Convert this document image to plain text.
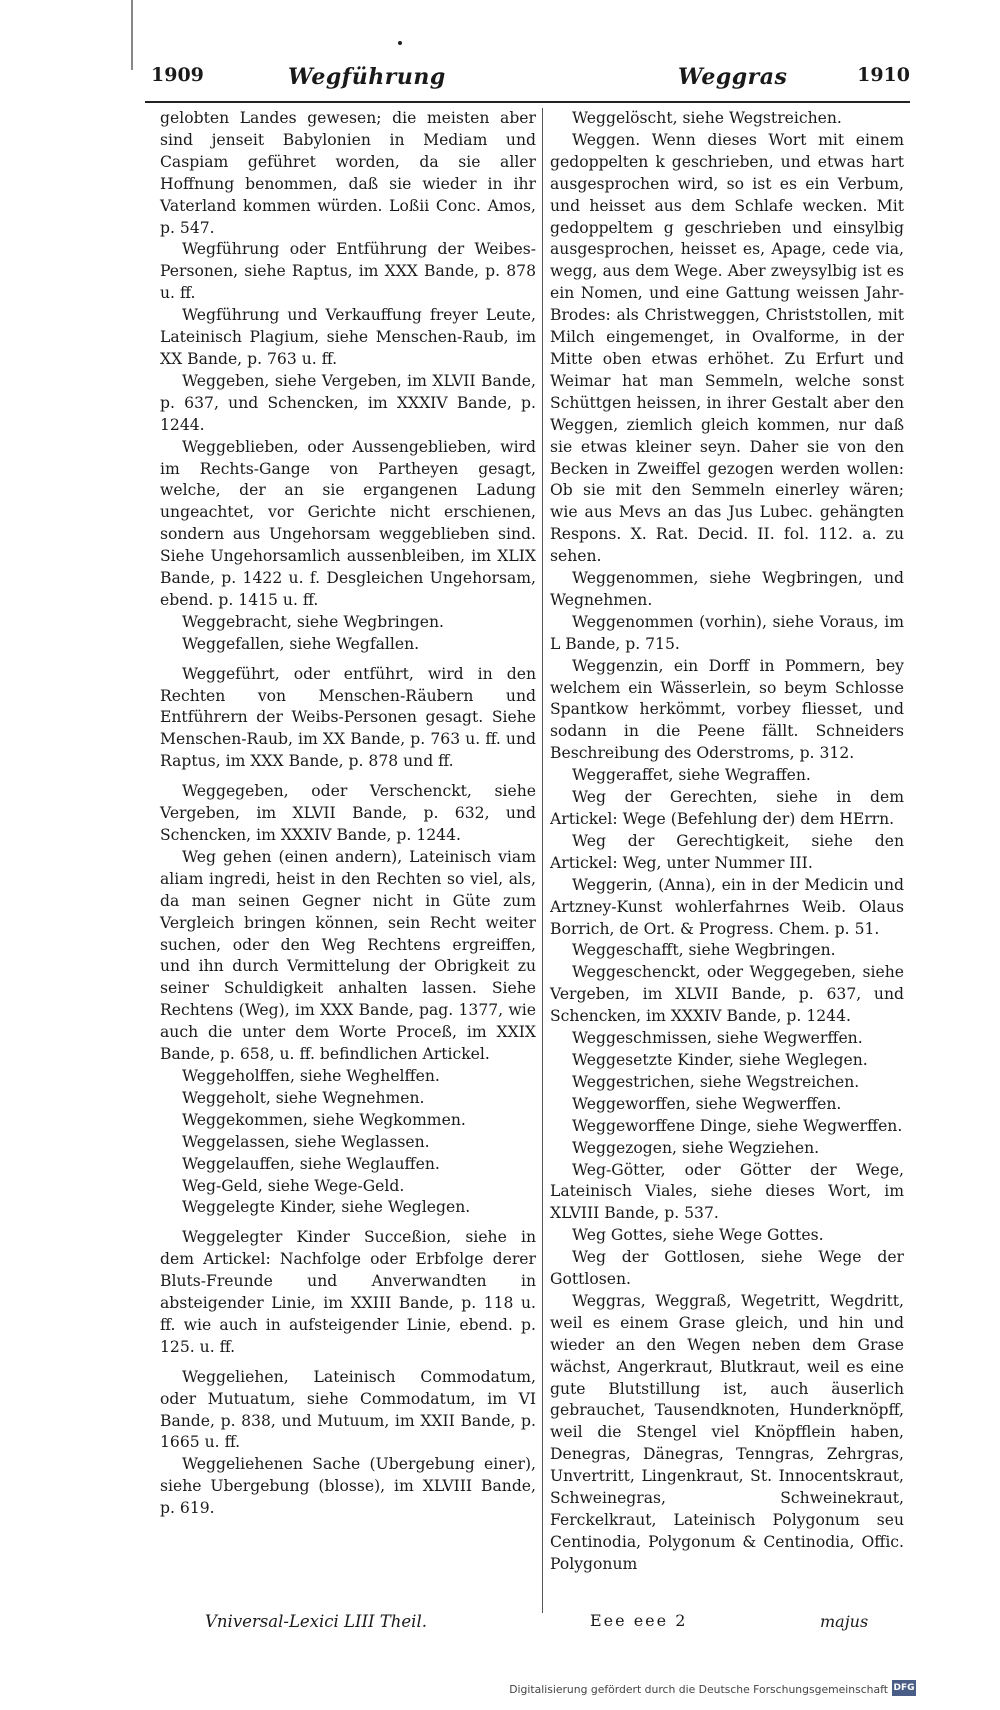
1909	Wegführung	Weggras	1910

gelobten Landes gewesen; die meisten aber sind jenseit Babylonien in Mediam und Caspiam geführet worden, da sie aller Hoffnung benommen, daß sie wieder in ihr Vaterland kommen würden. Loßii Conc. Amos, p. 547.

Wegführung oder Entführung der Weibes-Personen, siehe Raptus, im XXX Bande, p. 878 u. ff.

Wegführung und Verkauffung freyer Leute, Lateinisch Plagium, siehe Menschen-Raub, im XX Bande, p. 763 u. ff.

Weggeben, siehe Vergeben, im XLVII Bande, p. 637, und Schencken, im XXXIV Bande, p. 1244.

Weggeblieben, oder Aussengeblieben, wird im Rechts-Gange von Partheyen gesagt, welche, der an sie ergangenen Ladung ungeachtet, vor Gerichte nicht erschienen, sondern aus Ungehorsam weggeblieben sind. Siehe Ungehorsamlich aussenbleiben, im XLIX Bande, p. 1422 u. f. Desgleichen Ungehorsam, ebend. p. 1415 u. ff.

Weggebracht, siehe Wegbringen.

Weggefallen, siehe Wegfallen.

Weggeführt, oder entführt, wird in den Rechten von Menschen-Räubern und Entführern der Weibs-Personen gesagt. Siehe Menschen-Raub, im XX Bande, p. 763 u. ff. und Raptus, im XXX Bande, p. 878 und ff.

Weggegeben, oder Verschenckt, siehe Vergeben, im XLVII Bande, p. 632, und Schencken, im XXXIV Bande, p. 1244.

Weg gehen (einen andern), Lateinisch viam aliam ingredi, heist in den Rechten so viel, als, da man seinen Gegner nicht in Güte zum Vergleich bringen können, sein Recht weiter suchen, oder den Weg Rechtens ergreiffen, und ihn durch Vermittelung der Obrigkeit zu seiner Schuldigkeit anhalten lassen. Siehe Rechtens (Weg), im XXX Bande, pag. 1377, wie auch die unter dem Worte Proceß, im XXIX Bande, p. 658, u. ff. befindlichen Artickel.

Weggeholffen, siehe Weghelffen.

Weggeholt, siehe Wegnehmen.

Weggekommen, siehe Wegkommen.

Weggelassen, siehe Weglassen.

Weggelauffen, siehe Weglauffen.

Weg-Geld, siehe Wege-Geld.

Weggelegte Kinder, siehe Weglegen.

Weggelegter Kinder Succeßion, siehe in dem Artickel: Nachfolge oder Erbfolge derer Bluts-Freunde und Anverwandten in absteigender Linie, im XXIII Bande, p. 118 u. ff. wie auch in aufsteigender Linie, ebend. p. 125. u. ff.

Weggeliehen, Lateinisch Commodatum, oder Mutuatum, siehe Commodatum, im VI Bande, p. 838, und Mutuum, im XXII Bande, p. 1665 u. ff.

Weggeliehenen Sache (Ubergebung einer), siehe Ubergebung (blosse), im XLVIII Bande, p. 619.

Weggelöscht, siehe Wegstreichen.

Weggen. Wenn dieses Wort mit einem gedoppelten k geschrieben, und etwas hart ausgesprochen wird, so ist es ein Verbum, und heisset aus dem Schlafe wecken. Mit gedoppeltem g geschrieben und einsylbig ausgesprochen, heisset es, Apage, cede via, wegg, aus dem Wege. Aber zweysylbig ist es ein Nomen, und eine Gattung weissen Jahr-Brodes: als Christweggen, Christstollen, mit Milch eingemenget, in Ovalforme, in der Mitte oben etwas erhöhet. Zu Erfurt und Weimar hat man Semmeln, welche sonst Schüttgen heissen, in ihrer Gestalt aber den Weggen, ziemlich gleich kommen, nur daß sie etwas kleiner seyn. Daher sie von den Becken in Zweiffel gezogen werden wollen: Ob sie mit den Semmeln einerley wären; wie aus Mevs an das Jus Lubec. gehängten Respons. X. Rat. Decid. II. fol. 112. a. zu sehen.

Weggenommen, siehe Wegbringen, und Wegnehmen.

Weggenommen (vorhin), siehe Voraus, im L Bande, p. 715.

Weggenzin, ein Dorff in Pommern, bey welchem ein Wässerlein, so beym Schlosse Spantkow herkömmt, vorbey fliesset, und sodann in die Peene fällt. Schneiders Beschreibung des Oderstroms, p. 312.

Weggeraffet, siehe Wegraffen.

Weg der Gerechten, siehe in dem Artickel: Wege (Befehlung der) dem HErrn.

Weg der Gerechtigkeit, siehe den Artickel: Weg, unter Nummer III.

Weggerin, (Anna), ein in der Medicin und Artzney-Kunst wohlerfahrnes Weib. Olaus Borrich, de Ort. & Progress. Chem. p. 51.

Weggeschafft, siehe Wegbringen.

Weggeschenckt, oder Weggegeben, siehe Vergeben, im XLVII Bande, p. 637, und Schencken, im XXXIV Bande, p. 1244.

Weggeschmissen, siehe Wegwerffen.

Weggesetzte Kinder, siehe Weglegen.

Weggestrichen, siehe Wegstreichen.

Weggeworffen, siehe Wegwerffen.

Weggeworffene Dinge, siehe Wegwerffen.

Weggezogen, siehe Wegziehen.

Weg-Götter, oder Götter der Wege, Lateinisch Viales, siehe dieses Wort, im XLVIII Bande, p. 537.

Weg Gottes, siehe Wege Gottes.

Weg der Gottlosen, siehe Wege der Gottlosen.

Weggras, Weggraß, Wegetritt, Wegdritt, weil es einem Grase gleich, und hin und wieder an den Wegen neben dem Grase wächst, Angerkraut, Blutkraut, weil es eine gute Blutstillung ist, auch äuserlich gebrauchet, Tausendknoten, Hunderknöpff, weil die Stengel viel Knöpfflein haben, Denegras, Dänegras, Tenngras, Zehrgras, Unvertritt, Lingenkraut, St. Innocentskraut, Schweinegras, Schweinekraut, Ferckelkraut, Lateinisch Polygonum seu Centinodia, Polygonum & Centinodia, Offic. Polygonum

Vniversal-Lexici LIII Theil.	Eee eee 2	majus
Digitalisierung gefördert durch die Deutsche Forschungsgemeinschaft DFG
